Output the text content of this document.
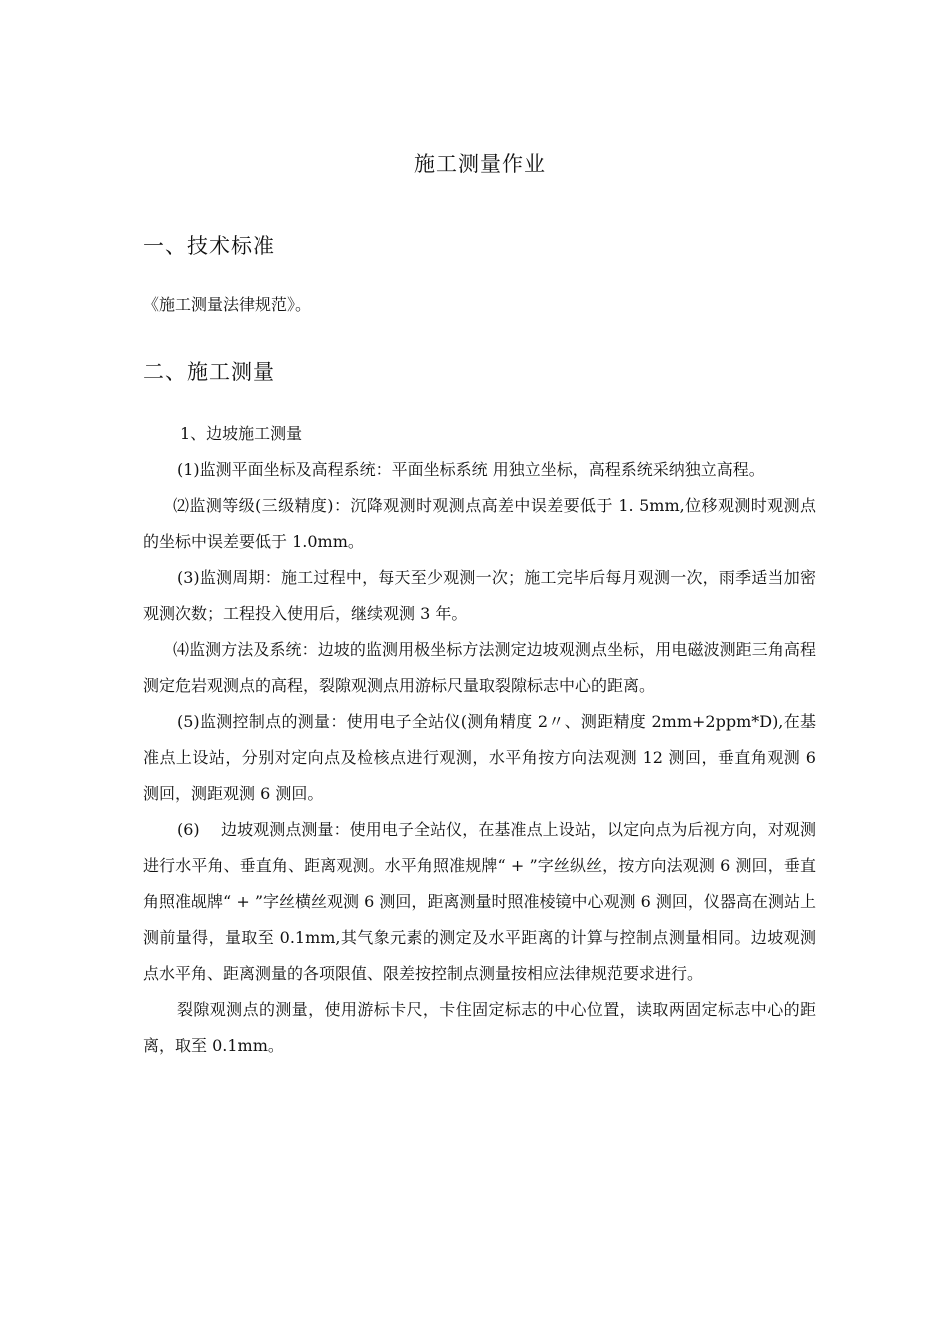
施工测量作业
一、技术标准
《施工测量法律规范》。
二、施工测量
1、边坡施工测量

(1)监测平面坐标及高程系统：平面坐标系统 用独立坐标，高程系统采纳独立高程。

⑵监测等级(三级精度)：沉降观测时观测点高差中误差要低于 1. 5mm,位移观测时观测点的坐标中误差要低于 1.0mm。

(3)监测周期：施工过程中，每天至少观测一次；施工完毕后每月观测一次，雨季适当加密观测次数；工程投入使用后，继续观测 3 年。

⑷监测方法及系统：边坡的监测用极坐标方法测定边坡观测点坐标，用电磁波测距三角高程测定危岩观测点的高程，裂隙观测点用游标尺量取裂隙标志中心的距离。

(5)监测控制点的测量：使用电子全站仪(测角精度 2〃、测距精度 2mm+2ppm*D),在基准点上设站，分别对定向点及检核点进行观测，水平角按方向法观测 12 测回，垂直角观测 6 测回，测距观测 6 测回。

(6)　 边坡观测点测量：使用电子全站仪，在基准点上设站，以定向点为后视方向，对观测进行水平角、垂直角、距离观测。水平角照准规牌“ + ”字丝纵丝，按方向法观测 6 测回，垂直角照准觇牌“ + ”字丝横丝观测 6 测回，距离测量时照准棱镜中心观测 6 测回，仪器高在测站上测前量得，量取至 0.1mm,其气象元素的测定及水平距离的计算与控制点测量相同。边坡观测点水平角、距离测量的各项限值、限差按控制点测量按相应法律规范要求进行。

裂隙观测点的测量，使用游标卡尺，卡住固定标志的中心位置，读取两固定标志中心的距离，取至 0.1mm。
